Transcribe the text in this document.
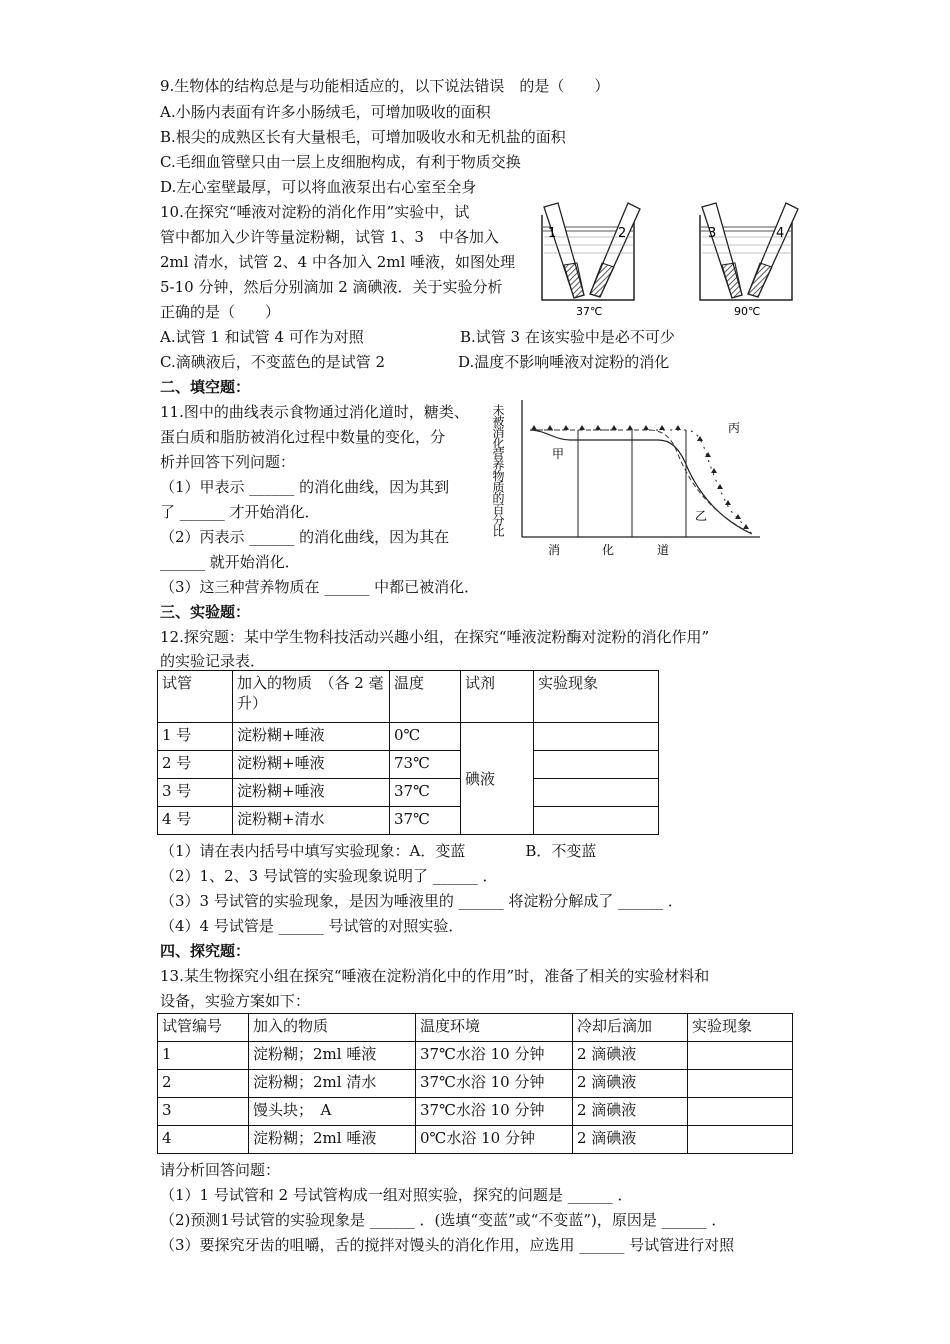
9.生物体的结构总是与功能相适应的，以下说法错误　的是（　　）
A.小肠内表面有许多小肠绒毛，可增加吸收的面积
B.根尖的成熟区长有大量根毛，可增加吸收水和无机盐的面积
C.毛细血管壁只由一层上皮细胞构成，有利于物质交换
D.左心室壁最厚，可以将血液泵出右心室至全身
10.在探究“唾液对淀粉的消化作用”实验中，试
管中都加入少许等量淀粉糊，试管 1、3　中各加入
2ml 清水，试管 2、4 中各加入 2ml 唾液，如图处理
5-10 分钟，然后分别滴加 2 滴碘液．关于实验分析
正确的是（　　）
A.试管 1 和试管 4 可作为对照	B.试管 3 在该实验中是必不可少
C.滴碘液后，不变蓝色的是试管 2	D.温度不影响唾液对淀粉的消化
1	2
37℃
3	4
90℃
二、填空题：
11.图中的曲线表示食物通过消化道时，糖类、
蛋白质和脂肪被消化过程中数量的变化，分
析并回答下列问题：
（1）甲表示 ______ 的消化曲线，因为其到
了 ______ 才开始消化．
（2）丙表示 ______ 的消化曲线，因为其在
______ 就开始消化．
（3）这三种营养物质在 ______ 中都已被消化．
未被消化营养物质的百分比	甲
乙
丙
消	化	道
三、实验题：
12.探究题：某中学生物科技活动兴趣小组，在探究“唾液淀粉酶对淀粉的消化作用”
的实验记录表．
试管	加入的物质　（各 2 毫升）	温度	试剂	实验现象
1 号	淀粉糊+唾液	0℃	碘液	
2 号	淀粉糊+唾液	73℃		
3 号	淀粉糊+唾液	37℃		
4 号	淀粉糊+清水	37℃		
（1）请在表内括号中填写实验现象：A．变蓝　　　　B．不变蓝
（2）1、2、3 号试管的实验现象说明了 ______ ．
（3）3 号试管的实验现象，是因为唾液里的 ______ 将淀粉分解成了 ______ ．
（4）4 号试管是 ______ 号试管的对照实验．
四、探究题：
13.某生物探究小组在探究“唾液在淀粉消化中的作用”时，准备了相关的实验材料和
设备，实验方案如下：
试管编号	加入的物质	温度环境	冷却后滴加	实验现象
1	淀粉糊；2ml 唾液	37℃水浴 10 分钟	2 滴碘液	
2	淀粉糊；2ml 清水	37℃水浴 10 分钟	2 滴碘液	
3	馒头块；　A	37℃水浴 10 分钟	2 滴碘液	
4	淀粉糊；2ml 唾液	0℃水浴 10 分钟	2 滴碘液	
请分析回答问题：
（1）1 号试管和 2 号试管构成一组对照实验，探究的问题是 ______ ．
（2)预测1号试管的实验现象是 ______ ．(选填“变蓝”或“不变蓝”)，原因是 ______ ．
（3）要探究牙齿的咀嚼，舌的搅拌对馒头的消化作用，应选用 ______ 号试管进行对照
